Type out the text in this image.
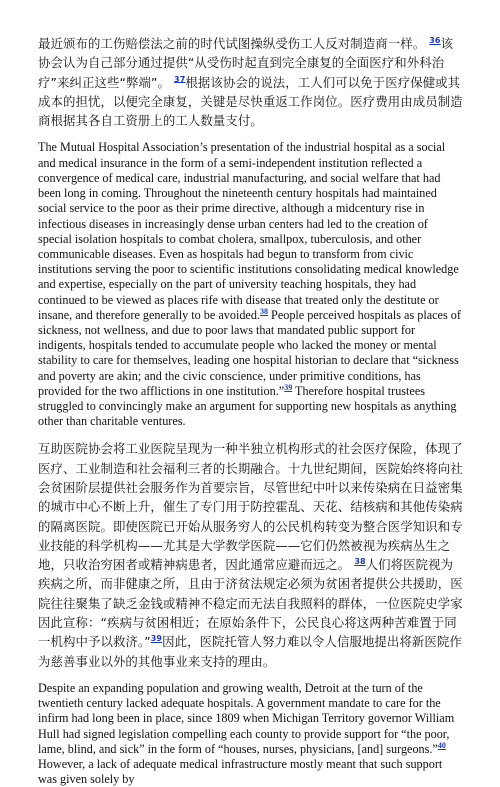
最近颁布的工伤赔偿法之前的时代试图操纵受伤工人反对制造商一样。 $^{36}$该协会认为自己部分通过提供“从受伤时起直到完全康复的全面医疗和外科治疗”来纠正这些“弊端”。 $^{37}$根据该协会的说法，工人们可以免于医疗保健或其成本的担忧，以便完全康复，关键是尽快重返工作岗位。医疗费用由成员制造商根据其各自工资册上的工人数量支付。

The Mutual Hospital Association’s presentation of the industrial hospital as a social and medical insurance in the form of a semi-independent institution reflected a convergence of medical care, industrial manufacturing, and social welfare that had been long in coming. Throughout the nineteenth century hospitals had maintained social service to the poor as their prime directive, although a midcentury rise in infectious diseases in increasingly dense urban centers had led to the creation of special isolation hospitals to combat cholera, smallpox, tuberculosis, and other communicable diseases. Even as hospitals had begun to transform from civic institutions serving the poor to scientific institutions consolidating medical knowledge and expertise, especially on the part of university teaching hospitals, they had continued to be viewed as places rife with disease that treated only the destitute or insane, and therefore generally to be avoided.$^{38}$ People perceived hospitals as places of sickness, not wellness, and due to poor laws that mandated public support for indigents, hospitals tended to accumulate people who lacked the money or mental stability to care for themselves, leading one hospital historian to declare that “sickness and poverty are akin; and the civic conscience, under primitive conditions, has provided for the two afflictions in one institution.”$^{39}$ Therefore hospital trustees struggled to convincingly make an argument for supporting new hospitals as anything other than charitable ventures.

互助医院协会将工业医院呈现为一种半独立机构形式的社会医疗保险，体现了医疗、工业制造和社会福利三者的长期融合。十九世纪期间，医院始终将向社会贫困阶层提供社会服务作为首要宗旨，尽管世纪中叶以来传染病在日益密集的城市中心不断上升，催生了专门用于防控霍乱、天花、结核病和其他传染病的隔离医院。即使医院已开始从服务穷人的公民机构转变为整合医学知识和专业技能的科学机构——尤其是大学教学医院——它们仍然被视为疾病丛生之地，只收治穷困者或精神病患者，因此通常应避而远之。 $^{38}$人们将医院视为疾病之所，而非健康之所，且由于济贫法规定必须为贫困者提供公共援助，医院往往聚集了缺乏金钱或精神不稳定而无法自我照料的群体，一位医院史学家因此宣称：“疾病与贫困相近；在原始条件下，公民良心将这两种苦难置于同一机构中予以救济。”$^{39}$因此，医院托管人努力难以令人信服地提出将新医院作为慈善事业以外的其他事业来支持的理由。

Despite an expanding population and growing wealth, Detroit at the turn of the twentieth century lacked adequate hospitals. A government mandate to care for the infirm had long been in place, since 1809 when Michigan Territory governor William Hull had signed legislation compelling each county to provide support for “the poor, lame, blind, and sick” in the form of “houses, nurses, physicians, [and] surgeons.”$^{40}$ However, a lack of adequate medical infrastructure mostly meant that such support was given solely by
